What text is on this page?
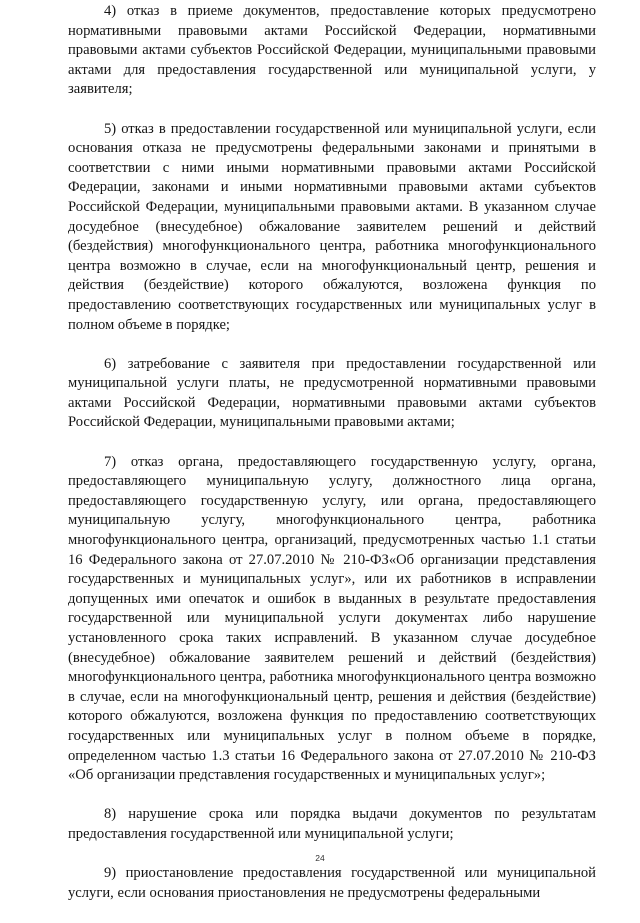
4) отказ в приеме документов, предоставление которых предусмотрено нормативными правовыми актами Российской Федерации, нормативными правовыми актами субъектов Российской Федерации, муниципальными правовыми актами для предоставления государственной или муниципальной услуги, у заявителя;

5) отказ в предоставлении государственной или муниципальной услуги, если основания отказа не предусмотрены федеральными законами и принятыми в соответствии с ними иными нормативными правовыми актами Российской Федерации, законами и иными нормативными правовыми актами субъектов Российской Федерации, муниципальными правовыми актами. В указанном случае досудебное (внесудебное) обжалование заявителем решений и действий (бездействия) многофункционального центра, работника многофункционального центра возможно в случае, если на многофункциональный центр, решения и действия (бездействие) которого обжалуются, возложена функция по предоставлению соответствующих государственных или муниципальных услуг в полном объеме в порядке;

6) затребование с заявителя при предоставлении государственной или муниципальной услуги платы, не предусмотренной нормативными правовыми актами Российской Федерации, нормативными правовыми актами субъектов Российской Федерации, муниципальными правовыми актами;

7) отказ органа, предоставляющего государственную услугу, органа, предоставляющего муниципальную услугу, должностного лица органа, предоставляющего государственную услугу, или органа, предоставляющего муниципальную услугу, многофункционального центра, работника многофункционального центра, организаций, предусмотренных частью 1.1 статьи 16 Федерального закона от 27.07.2010 № 210-ФЗ«Об организации представления государственных и муниципальных услуг», или их работников в исправлении допущенных ими опечаток и ошибок в выданных в результате предоставления государственной или муниципальной услуги документах либо нарушение установленного срока таких исправлений. В указанном случае досудебное (внесудебное) обжалование заявителем решений и действий (бездействия) многофункционального центра, работника многофункционального центра возможно в случае, если на многофункциональный центр, решения и действия (бездействие) которого обжалуются, возложена функция по предоставлению соответствующих государственных или муниципальных услуг в полном объеме в порядке, определенном частью 1.3 статьи 16 Федерального закона от 27.07.2010 № 210-ФЗ «Об организации представления государственных и муниципальных услуг»;

8) нарушение срока или порядка выдачи документов по результатам предоставления государственной или муниципальной услуги;

9) приостановление предоставления государственной или муниципальной услуги, если основания приостановления не предусмотрены федеральными

24
